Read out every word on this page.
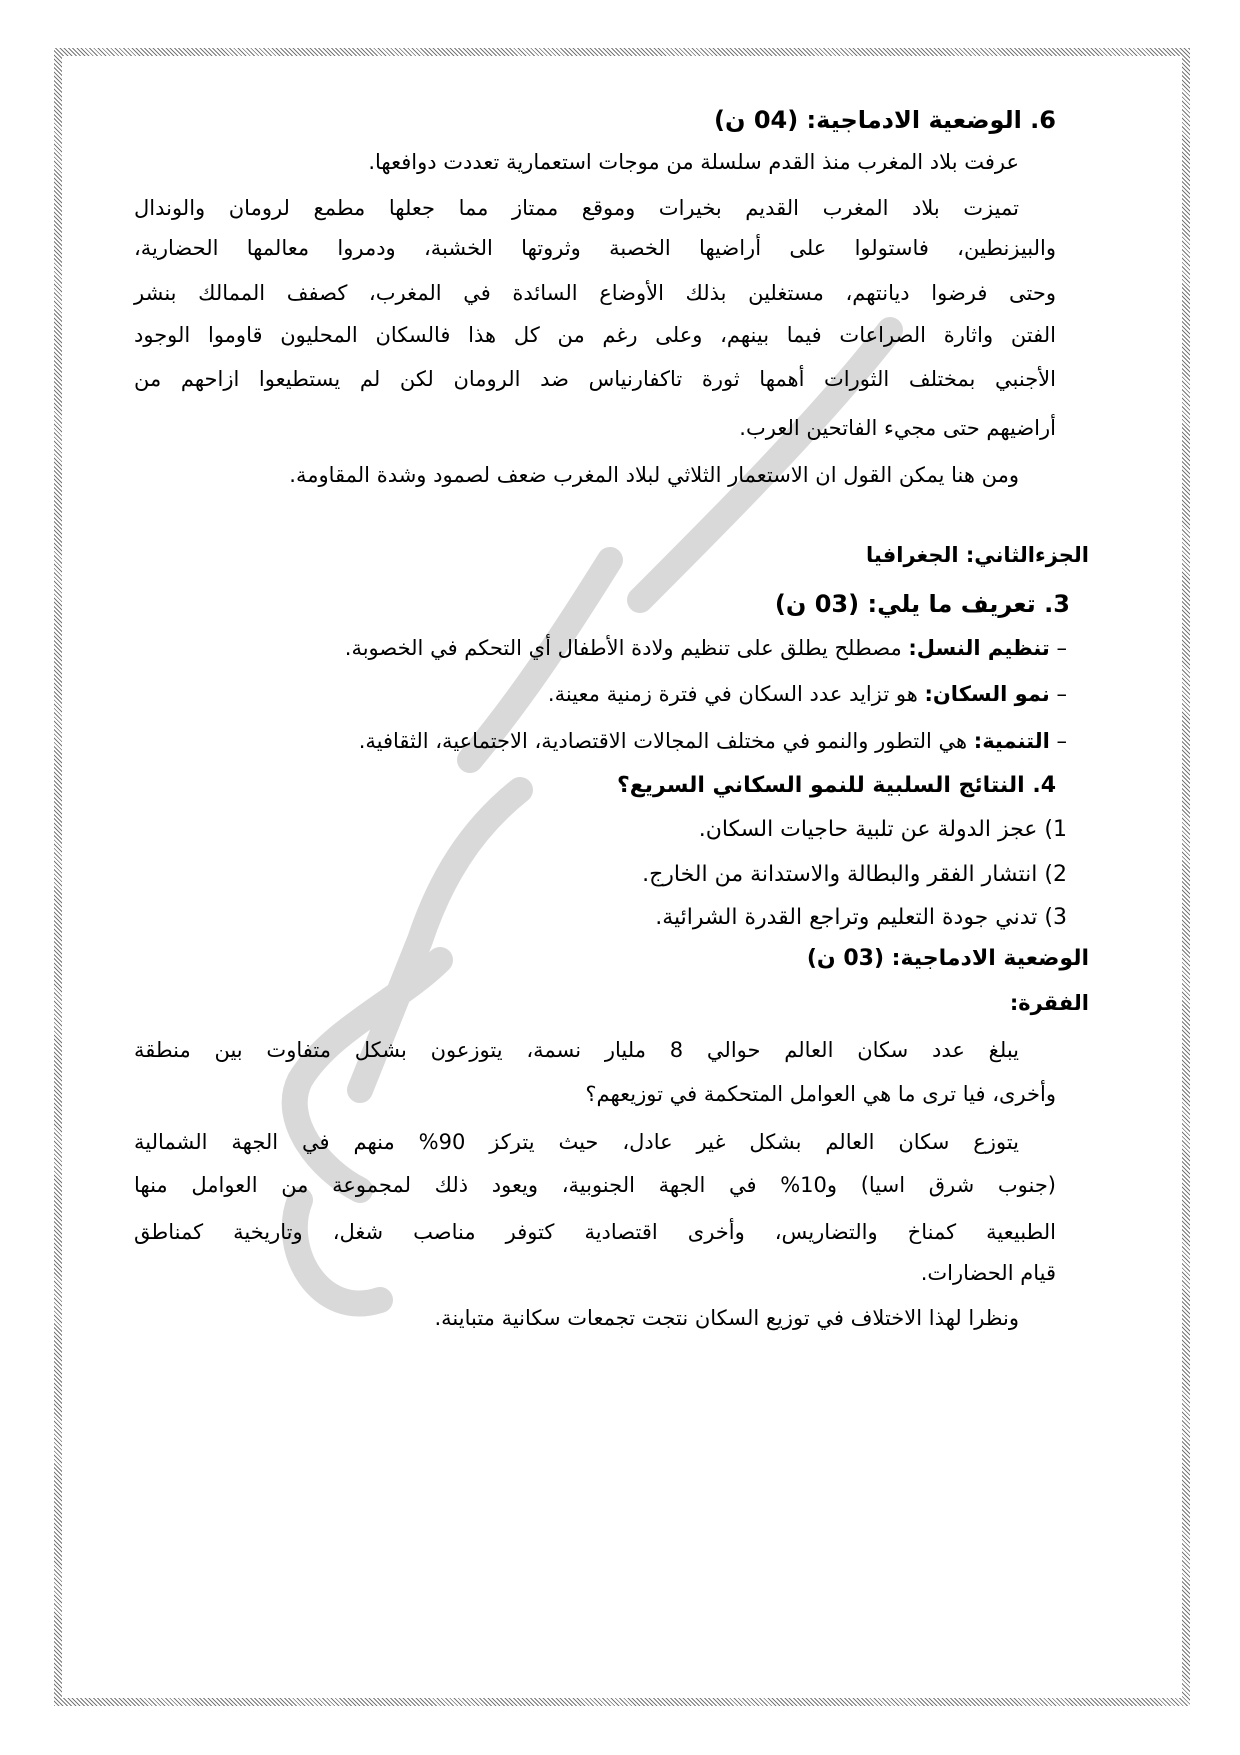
6. الوضعية الادماجية: (04 ن)
عرفت بلاد المغرب منذ القدم سلسلة من موجات استعمارية تعددت دوافعها.
تميزت بلاد المغرب القديم بخيرات وموقع ممتاز مما جعلها مطمع لرومان والوندال
والبيزنطين، فاستولوا على أراضيها الخصبة وثروتها الخشبة، ودمروا معالمها الحضارية،
وحتى فرضوا ديانتهم، مستغلين بذلك الأوضاع السائدة في المغرب، كصفف الممالك بنشر
الفتن واثارة الصراعات فيما بينهم، وعلى رغم من كل هذا فالسكان المحليون قاوموا الوجود
الأجنبي بمختلف الثورات أهمها ثورة تاكفارنياس ضد الرومان لكن لم يستطيعوا ازاحهم من
أراضيهم حتى مجيء الفاتحين العرب.
ومن هنا يمكن القول ان الاستعمار الثلاثي لبلاد المغرب ضعف لصمود وشدة المقاومة.
الجزءالثاني: الجغرافيا
3. تعريف ما يلي: (03 ن)
– تنظيم النسل: مصطلح يطلق على تنظيم ولادة الأطفال أي التحكم في الخصوبة.
– نمو السكان: هو تزايد عدد السكان في فترة زمنية معينة.
– التنمية: هي التطور والنمو في مختلف المجالات الاقتصادية، الاجتماعية، الثقافية.
4. النتائج السلبية للنمو السكاني السريع؟
1) عجز الدولة عن تلبية حاجيات السكان.
2) انتشار الفقر والبطالة والاستدانة من الخارج.
3) تدني جودة التعليم وتراجع القدرة الشرائية.
الوضعية الادماجية: (03 ن)
الفقرة:
يبلغ عدد سكان العالم حوالي 8 مليار نسمة، يتوزعون بشكل متفاوت بين منطقة
وأخرى، فيا ترى ما هي العوامل المتحكمة في توزيعهم؟
يتوزع سكان العالم بشكل غير عادل، حيث يتركز 90% منهم في الجهة الشمالية
(جنوب شرق اسيا) و10% في الجهة الجنوبية، ويعود ذلك لمجموعة من العوامل منها
الطبيعية كمناخ والتضاريس، وأخرى اقتصادية كتوفر مناصب شغل، وتاريخية كمناطق
قيام الحضارات.
ونظرا لهذا الاختلاف في توزيع السكان نتجت تجمعات سكانية متباينة.
